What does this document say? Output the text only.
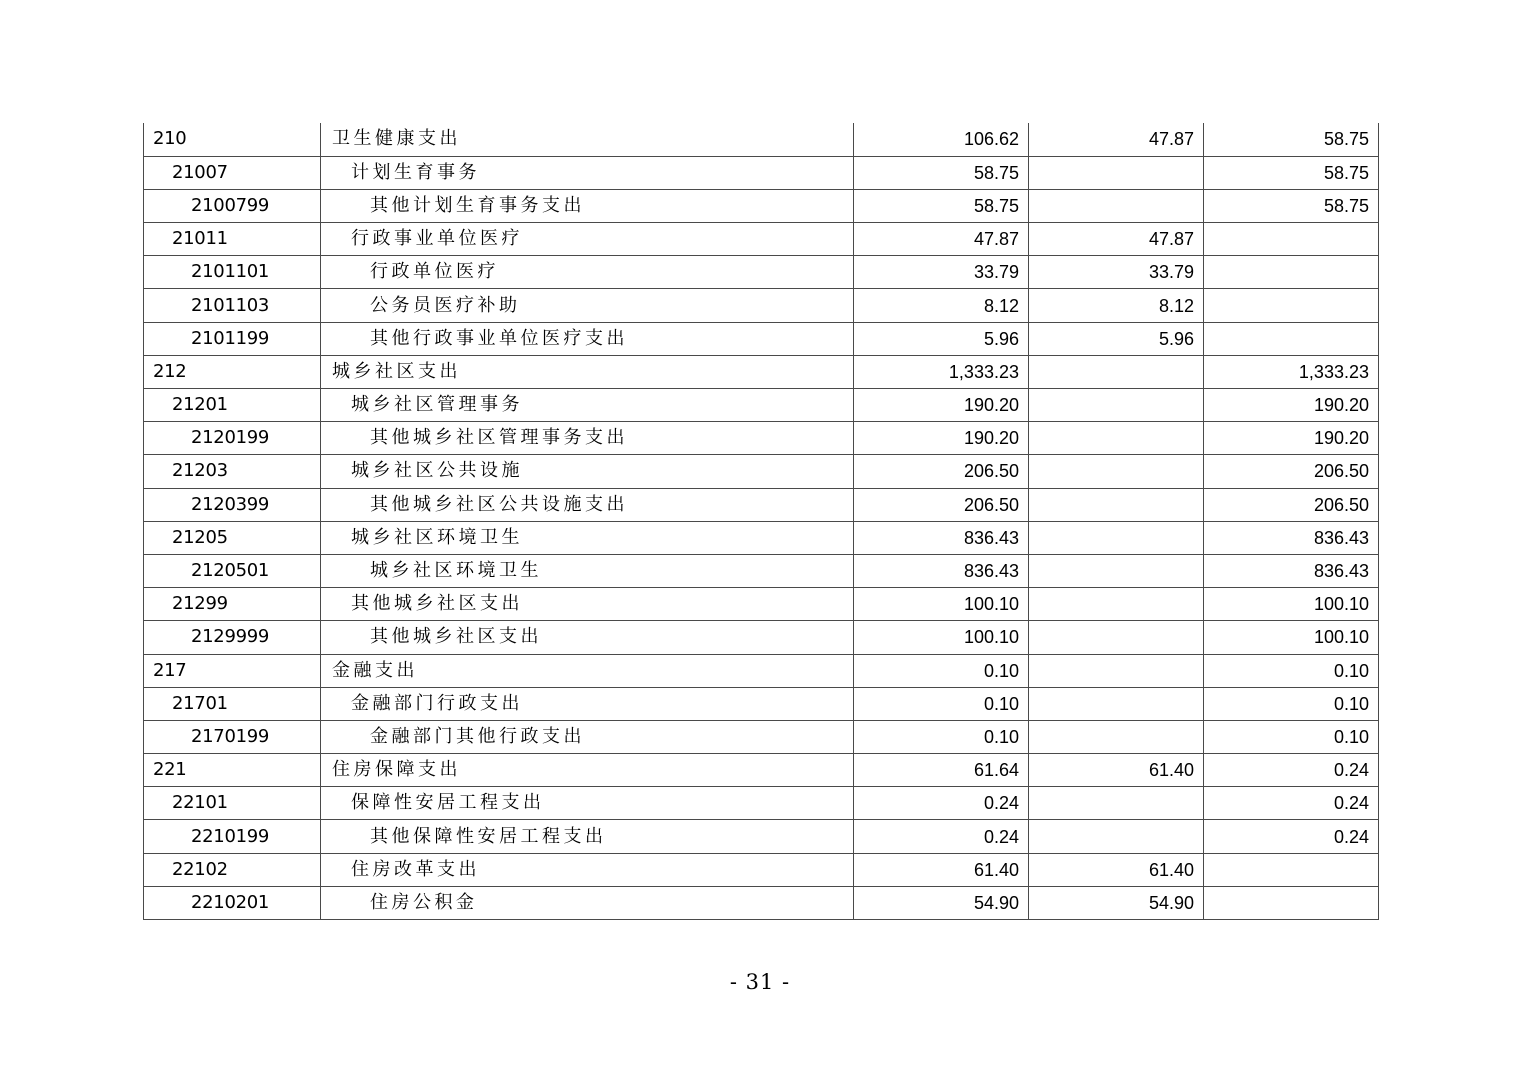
210	卫生健康支出	106.62	47.87	58.75
21007	计划生育事务	58.75		58.75
2100799	其他计划生育事务支出	58.75		58.75
21011	行政事业单位医疗	47.87	47.87	
2101101	行政单位医疗	33.79	33.79	
2101103	公务员医疗补助	8.12	8.12	
2101199	其他行政事业单位医疗支出	5.96	5.96	
212	城乡社区支出	1,333.23		1,333.23
21201	城乡社区管理事务	190.20		190.20
2120199	其他城乡社区管理事务支出	190.20		190.20
21203	城乡社区公共设施	206.50		206.50
2120399	其他城乡社区公共设施支出	206.50		206.50
21205	城乡社区环境卫生	836.43		836.43
2120501	城乡社区环境卫生	836.43		836.43
21299	其他城乡社区支出	100.10		100.10
2129999	其他城乡社区支出	100.10		100.10
217	金融支出	0.10		0.10
21701	金融部门行政支出	0.10		0.10
2170199	金融部门其他行政支出	0.10		0.10
221	住房保障支出	61.64	61.40	0.24
22101	保障性安居工程支出	0.24		0.24
2210199	其他保障性安居工程支出	0.24		0.24
22102	住房改革支出	61.40	61.40	
2210201	住房公积金	54.90	54.90	
- 31 -
